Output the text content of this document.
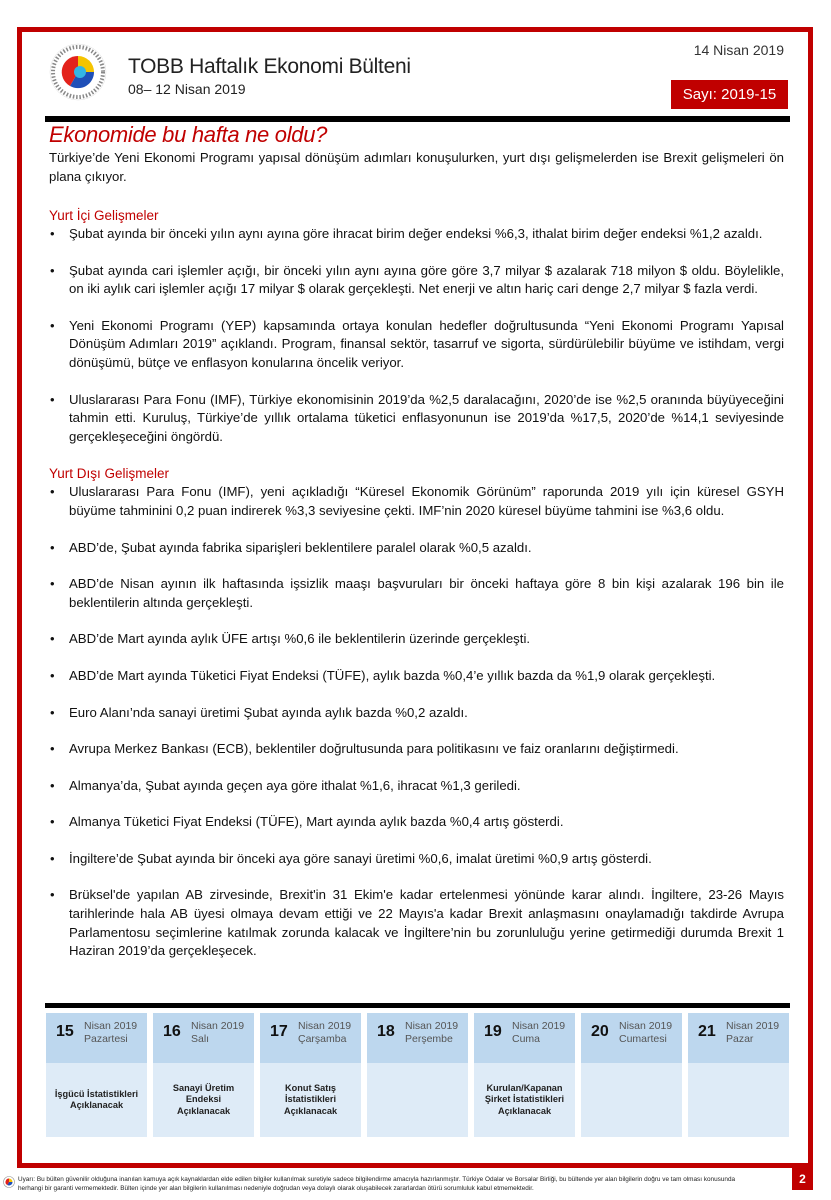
TOBB Haftalık Ekonomi Bülteni
08– 12 Nisan 2019
14 Nisan 2019
Sayı: 2019-15
Ekonomide bu hafta ne oldu?

Türkiye’de Yeni Ekonomi Programı yapısal dönüşüm adımları konuşulurken, yurt dışı gelişmelerden ise Brexit gelişmeleri ön plana çıkıyor.

Yurt İçi Gelişmeler
• Şubat ayında bir önceki yılın aynı ayına göre ihracat birim değer endeksi %6,3, ithalat birim değer endeksi %1,2 azaldı.
• Şubat ayında cari işlemler açığı, bir önceki yılın aynı ayına göre göre 3,7 milyar $ azalarak 718 milyon $ oldu. Böylelikle, on iki aylık cari işlemler açığı 17 milyar $ olarak gerçekleşti. Net enerji ve altın hariç cari denge 2,7 milyar $ fazla verdi.
• Yeni Ekonomi Programı (YEP) kapsamında ortaya konulan hedefler doğrultusunda “Yeni Ekonomi Programı Yapısal Dönüşüm Adımları 2019” açıklandı. Program, finansal sektör, tasarruf ve sigorta, sürdürülebilir büyüme ve istihdam, vergi dönüşümü, bütçe ve enflasyon konularına öncelik veriyor.
• Uluslararası Para Fonu (IMF), Türkiye ekonomisinin 2019’da %2,5 daralacağını, 2020’de ise %2,5 oranında büyüyeceğini tahmin etti. Kuruluş, Türkiye’de yıllık ortalama tüketici enflasyonunun ise 2019’da %17,5, 2020’de %14,1 seviyesinde gerçekleşeceğini öngördü.
Yurt Dışı Gelişmeler
• Uluslararası Para Fonu (IMF), yeni açıkladığı “Küresel Ekonomik Görünüm” raporunda 2019 yılı için küresel GSYH büyüme tahminini 0,2 puan indirerek %3,3 seviyesine çekti. IMF’nin 2020 küresel büyüme tahmini ise %3,6 oldu.
• ABD’de, Şubat ayında fabrika siparişleri beklentilere paralel olarak %0,5 azaldı.
• ABD’de Nisan ayının ilk haftasında işsizlik maaşı başvuruları bir önceki haftaya göre 8 bin kişi azalarak 196 bin ile beklentilerin altında gerçekleşti.
• ABD’de Mart ayında aylık ÜFE artışı %0,6 ile beklentilerin üzerinde gerçekleşti.
• ABD’de Mart ayında Tüketici Fiyat Endeksi (TÜFE), aylık bazda %0,4’e yıllık bazda da %1,9 olarak gerçekleşti.
• Euro Alanı’nda sanayi üretimi Şubat ayında aylık bazda %0,2 azaldı.
• Avrupa Merkez Bankası (ECB), beklentiler doğrultusunda para politikasını ve faiz oranlarını değiştirmedi.
• Almanya’da, Şubat ayında geçen aya göre ithalat %1,6, ihracat %1,3 geriledi.
• Almanya Tüketici Fiyat Endeksi (TÜFE), Mart ayında aylık bazda %0,4 artış gösterdi.
• İngiltere’de Şubat ayında bir önceki aya göre sanayi üretimi %0,6, imalat üretimi %0,9 artış gösterdi.
• Brüksel'de yapılan AB zirvesinde, Brexit'in 31 Ekim'e kadar ertelenmesi yönünde karar alındı. İngiltere, 23-26 Mayıs tarihlerinde hala AB üyesi olmaya devam ettiği ve 22 Mayıs'a kadar Brexit anlaşmasını onaylamadığı takdirde Avrupa Parlamentosu seçimlerine katılmak zorunda kalacak ve İngiltere’nin bu zorunluluğu yerine getirmediği durumda Brexit 1 Haziran 2019’da gerçekleşecek.
15 Nisan 2019
Pazartesi
İşgücü İstatistikleri Açıklanacak
16 Nisan 2019
Salı
Sanayi Üretim Endeksi Açıklanacak
17 Nisan 2019
Çarşamba
Konut Satış İstatistikleri Açıklanacak
18 Nisan 2019
Perşembe	19 Nisan 2019
Cuma
Kurulan/Kapanan Şirket İstatistikleri Açıklanacak
20 Nisan 2019
Cumartesi	21 Nisan 2019
Pazar
Uyarı: Bu bülten güvenilir olduğuna inanılan kamuya açık kaynaklardan elde edilen bilgiler kullanılmak suretiyle sadece bilgilendirme amacıyla hazırlanmıştır. Türkiye Odalar ve Borsalar Birliği, bu bültende yer alan bilgilerin doğru ve tam olması konusunda herhangi bir garanti vermemektedir. Bülten içinde yer alan bilgilerin kullanılması nedeniyle doğrudan veya dolaylı olarak oluşabilecek zararlardan ötürü sorumluluk kabul etmemektedir.
2
